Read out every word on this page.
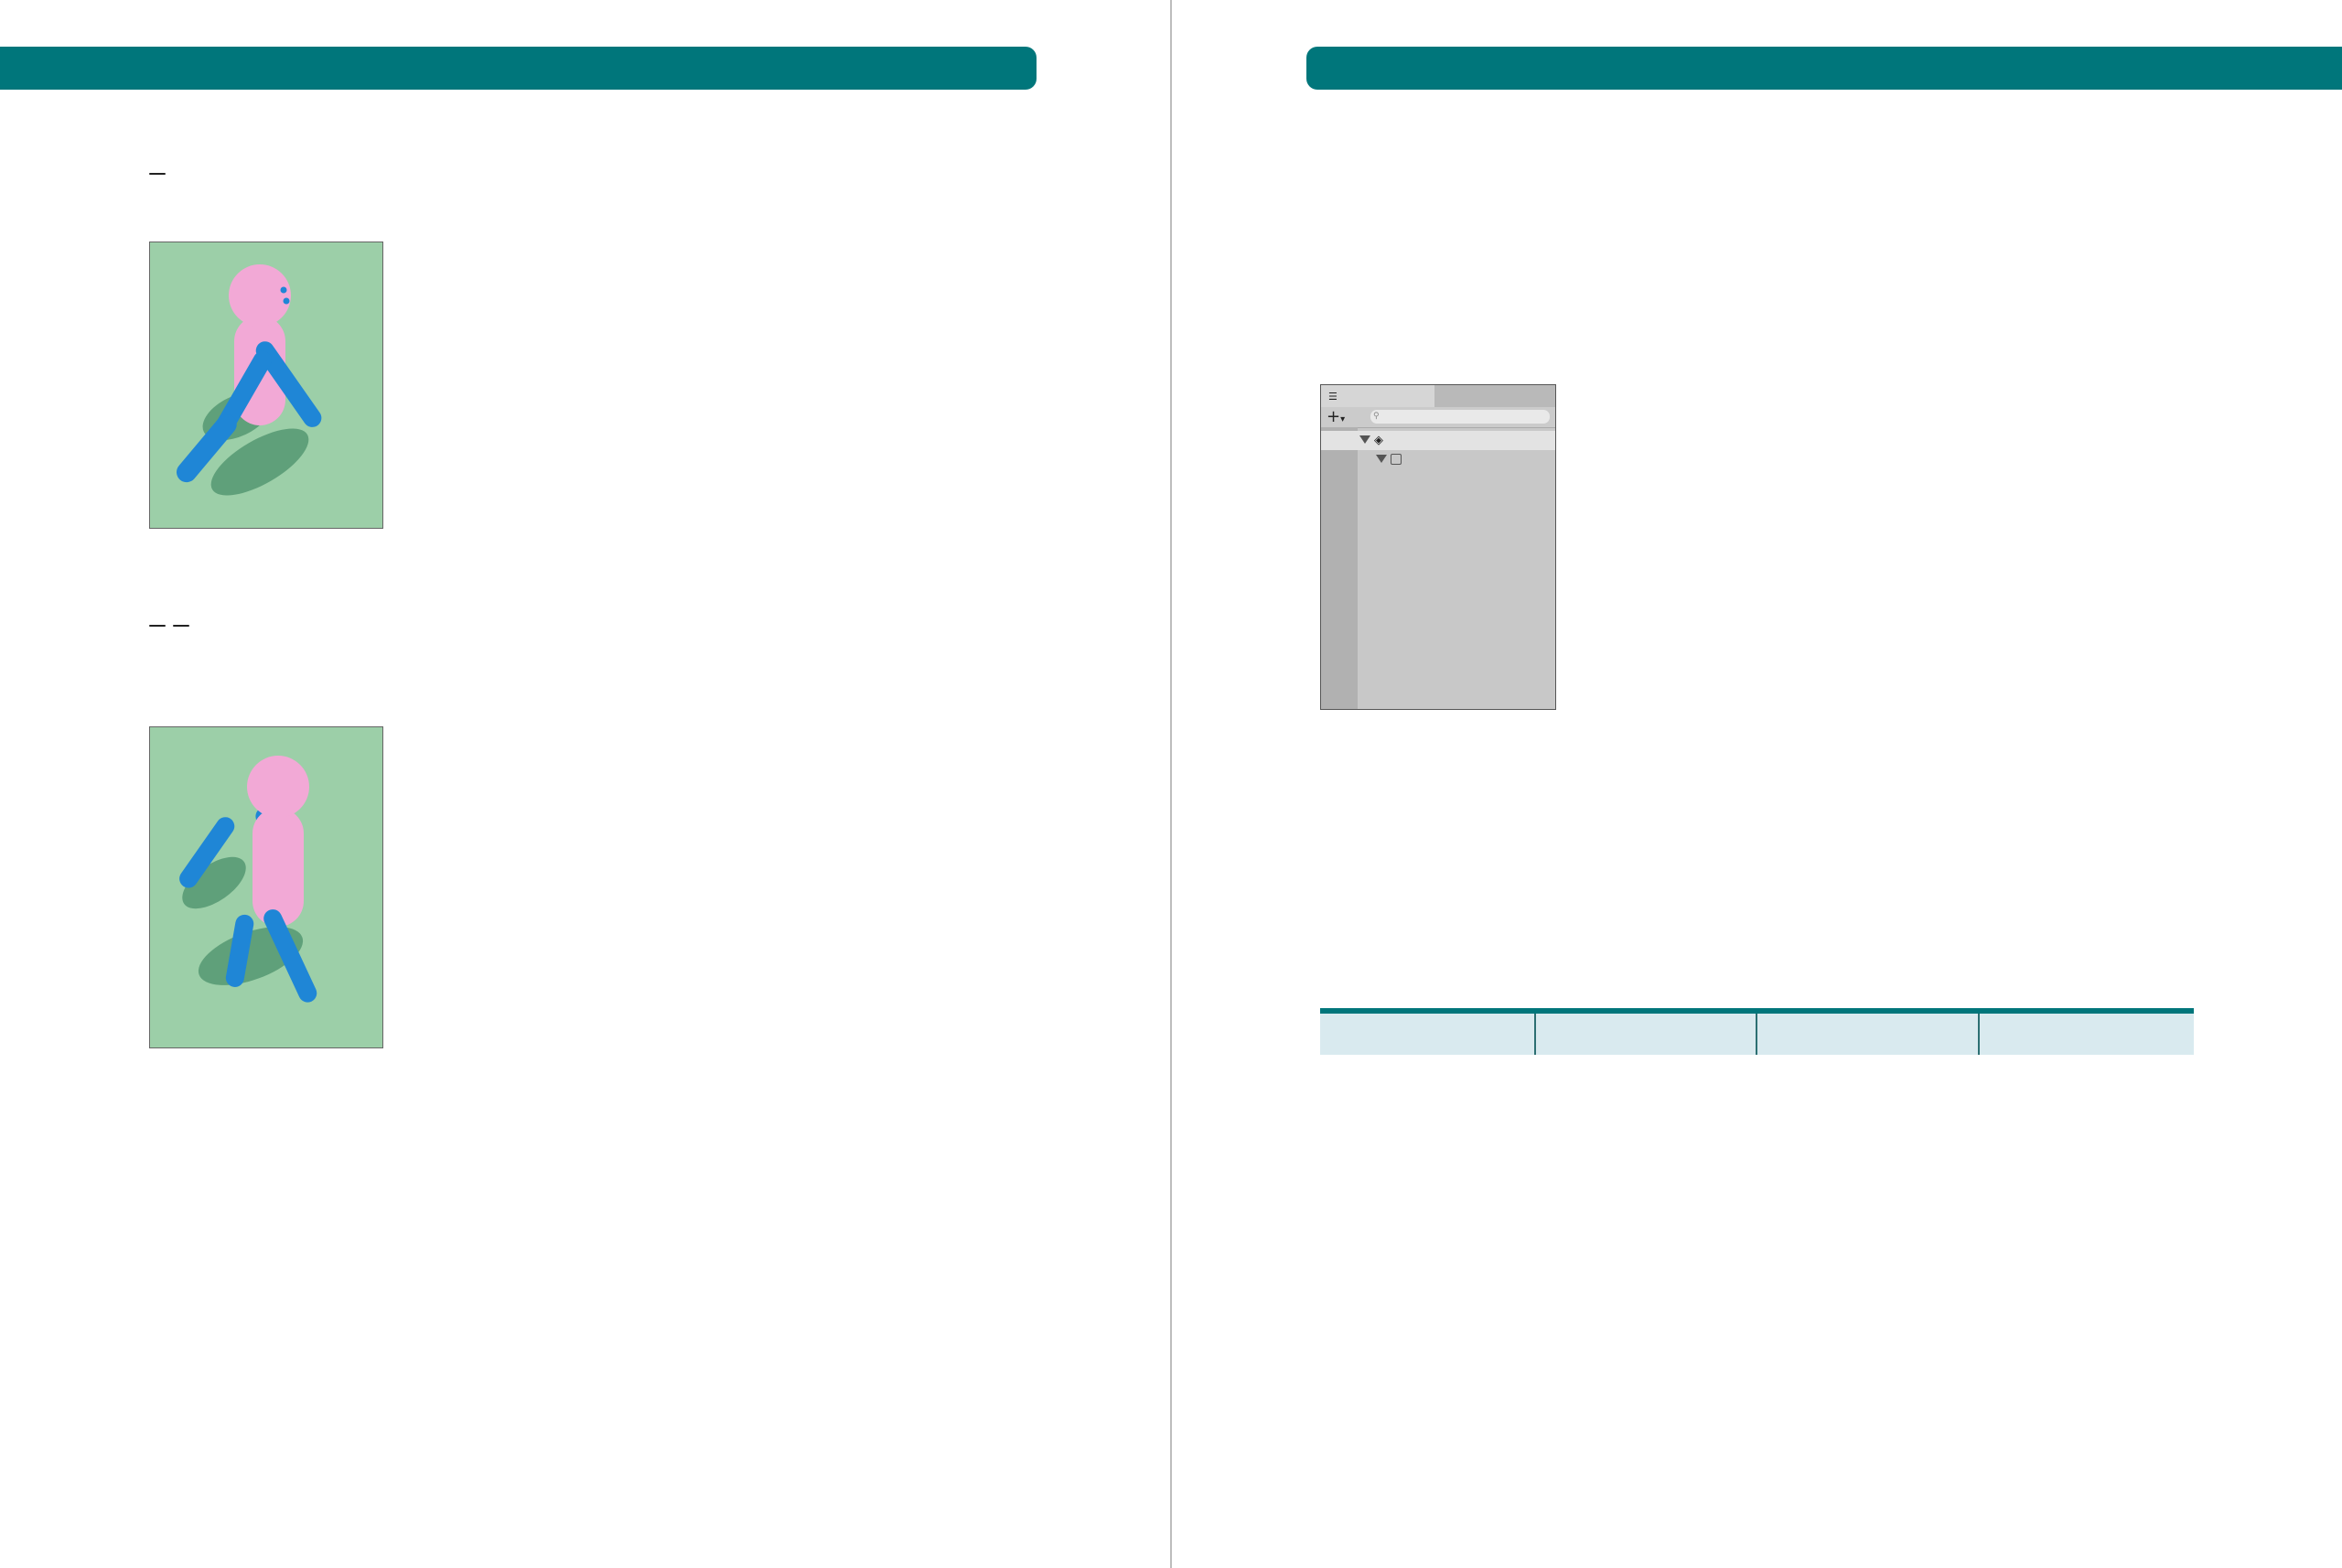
☰
+▾	⚲
◈
